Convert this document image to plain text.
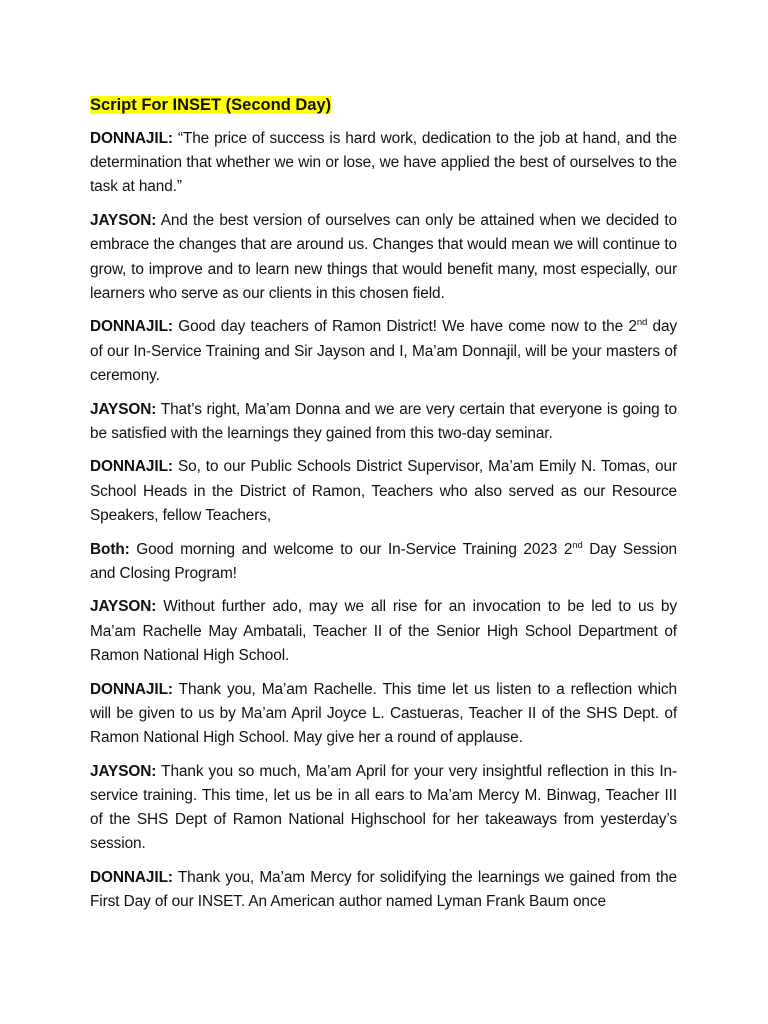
Script For INSET (Second Day)

DONNAJIL: “The price of success is hard work, dedication to the job at hand, and the determination that whether we win or lose, we have applied the best of ourselves to the task at hand.”

JAYSON: And the best version of ourselves can only be attained when we decided to embrace the changes that are around us. Changes that would mean we will continue to grow, to improve and to learn new things that would benefit many, most especially, our learners who serve as our clients in this chosen field.

DONNAJIL: Good day teachers of Ramon District! We have come now to the 2nd day of our In-Service Training and Sir Jayson and I, Ma’am Donnajil, will be your masters of ceremony.

JAYSON: That’s right, Ma’am Donna and we are very certain that everyone is going to be satisfied with the learnings they gained from this two-day seminar.

DONNAJIL: So, to our Public Schools District Supervisor, Ma’am Emily N. Tomas, our School Heads in the District of Ramon, Teachers who also served as our Resource Speakers, fellow Teachers,

Both: Good morning and welcome to our In-Service Training 2023 2nd Day Session and Closing Program!

JAYSON: Without further ado, may we all rise for an invocation to be led to us by Ma’am Rachelle May Ambatali, Teacher II of the Senior High School Department of Ramon National High School.

DONNAJIL: Thank you, Ma’am Rachelle. This time let us listen to a reflection which will be given to us by Ma’am April Joyce L. Castueras, Teacher II of the SHS Dept. of Ramon National High School. May give her a round of applause.

JAYSON: Thank you so much, Ma’am April for your very insightful reflection in this In-service training. This time, let us be in all ears to Ma’am Mercy M. Binwag, Teacher III of the SHS Dept of Ramon National Highschool for her takeaways from yesterday’s session.

DONNAJIL: Thank you, Ma’am Mercy for solidifying the learnings we gained from the First Day of our INSET. An American author named Lyman Frank Baum once
